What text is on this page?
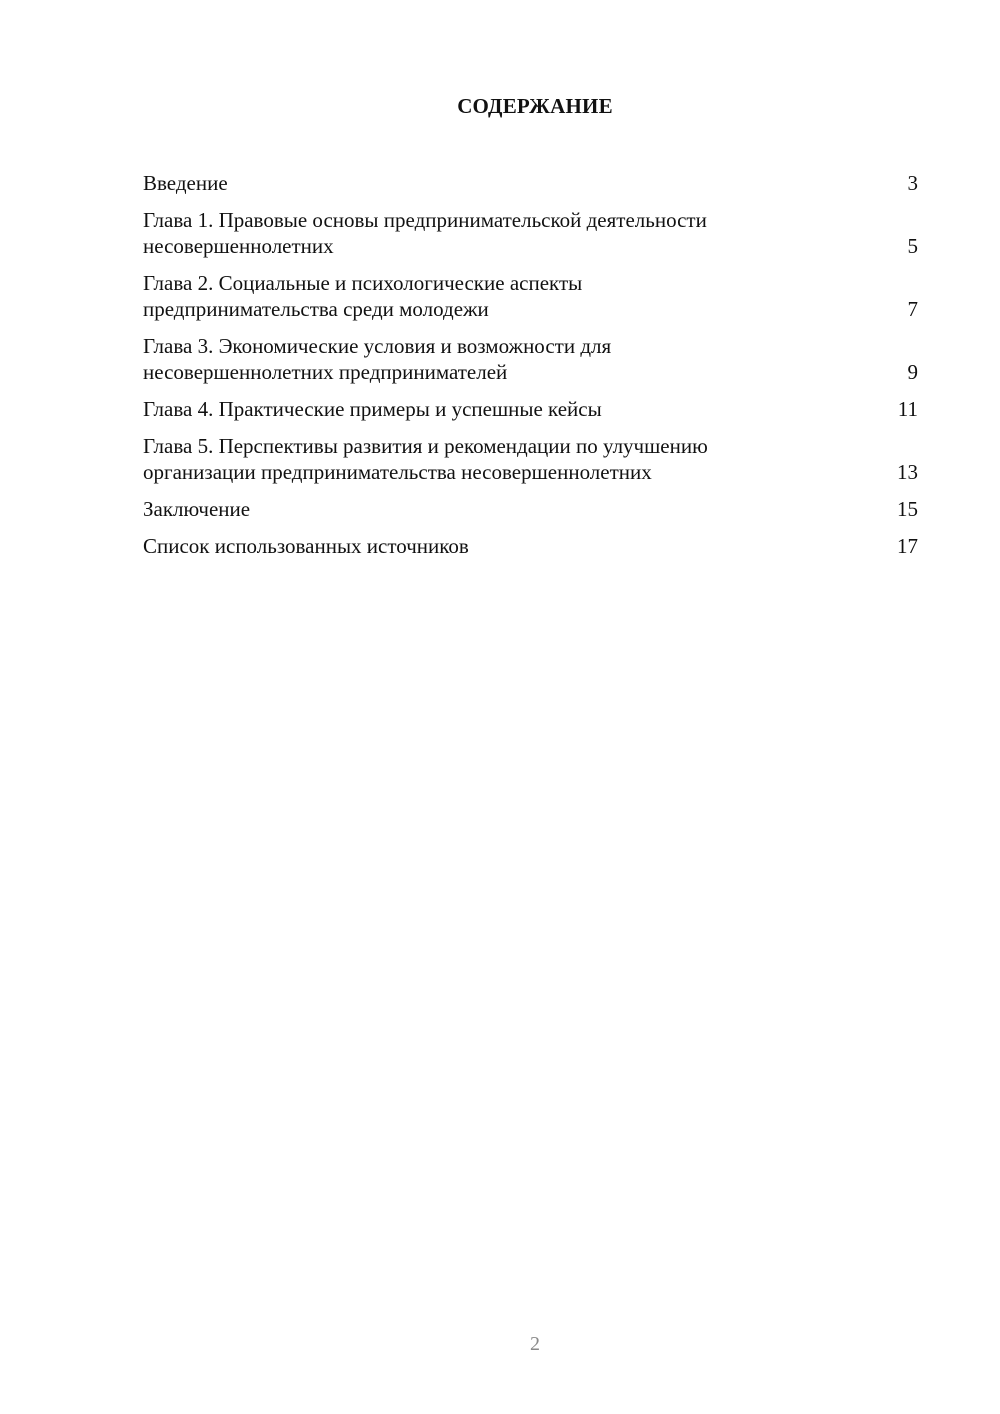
СОДЕРЖАНИЕ
Введение	3
Глава 1. Правовые основы предпринимательской деятельности
несовершеннолетних	5
Глава 2. Социальные и психологические аспекты
предпринимательства среди молодежи	7
Глава 3. Экономические условия и возможности для
несовершеннолетних предпринимателей	9
Глава 4. Практические примеры и успешные кейсы	11
Глава 5. Перспективы развития и рекомендации по улучшению
организации предпринимательства несовершеннолетних	13
Заключение	15
Список использованных источников	17

2
